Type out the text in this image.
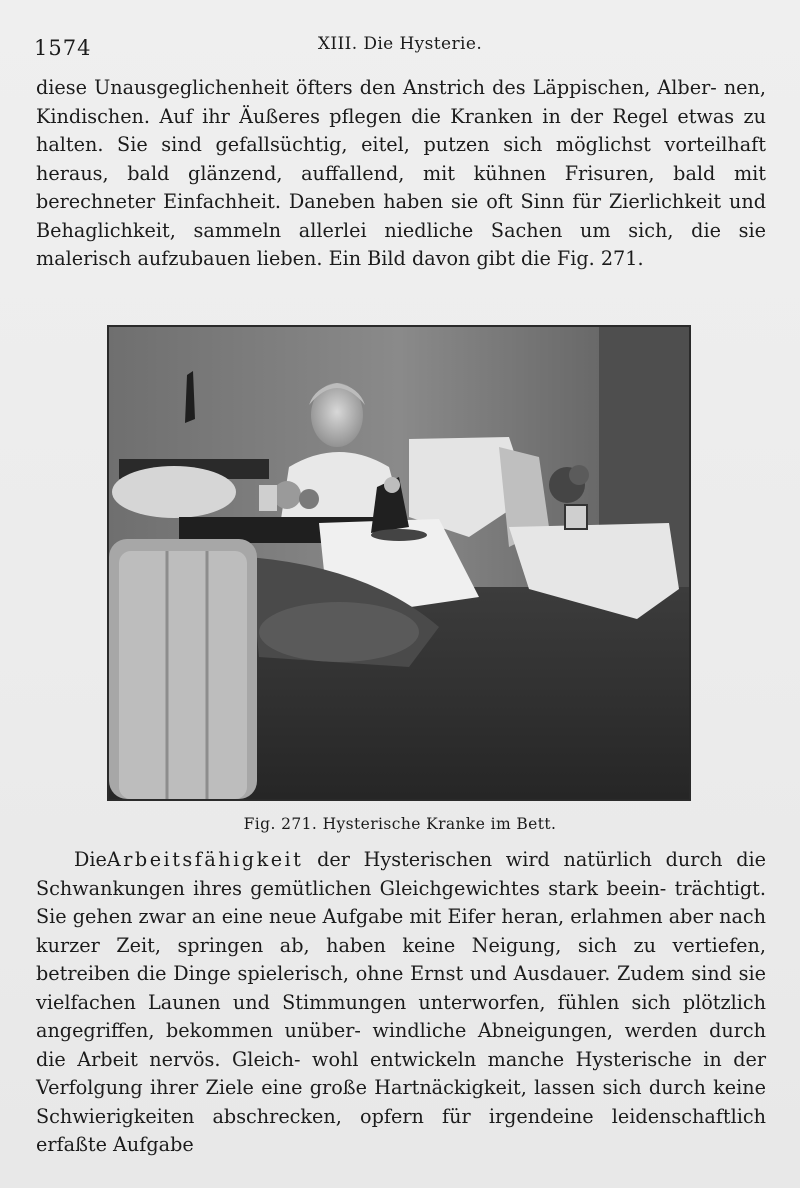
1574	XIII. Die Hysterie.
diese Unausgeglichenheit öfters den Anstrich des Läppischen, Alber- nen, Kindischen. Auf ihr Äußeres pflegen die Kranken in der Regel etwas zu halten. Sie sind gefallsüchtig, eitel, putzen sich möglichst vorteilhaft heraus, bald glänzend, auffallend, mit kühnen Frisuren, bald mit berechneter Einfachheit. Daneben haben sie oft Sinn für Zierlichkeit und Behaglichkeit, sammeln allerlei niedliche Sachen um sich, die sie malerisch aufzubauen lieben. Ein Bild davon gibt die Fig. 271.
Fig. 271. Hysterische Kranke im Bett.
DieArbeitsfähigkeit der Hysterischen wird natürlich durch die Schwankungen ihres gemütlichen Gleichgewichtes stark beein- trächtigt. Sie gehen zwar an eine neue Aufgabe mit Eifer heran, erlahmen aber nach kurzer Zeit, springen ab, haben keine Neigung, sich zu vertiefen, betreiben die Dinge spielerisch, ohne Ernst und Ausdauer. Zudem sind sie vielfachen Launen und Stimmungen unterworfen, fühlen sich plötzlich angegriffen, bekommen unüber- windliche Abneigungen, werden durch die Arbeit nervös. Gleich- wohl entwickeln manche Hysterische in der Verfolgung ihrer Ziele eine große Hartnäckigkeit, lassen sich durch keine Schwierigkeiten abschrecken, opfern für irgendeine leidenschaftlich erfaßte Aufgabe
